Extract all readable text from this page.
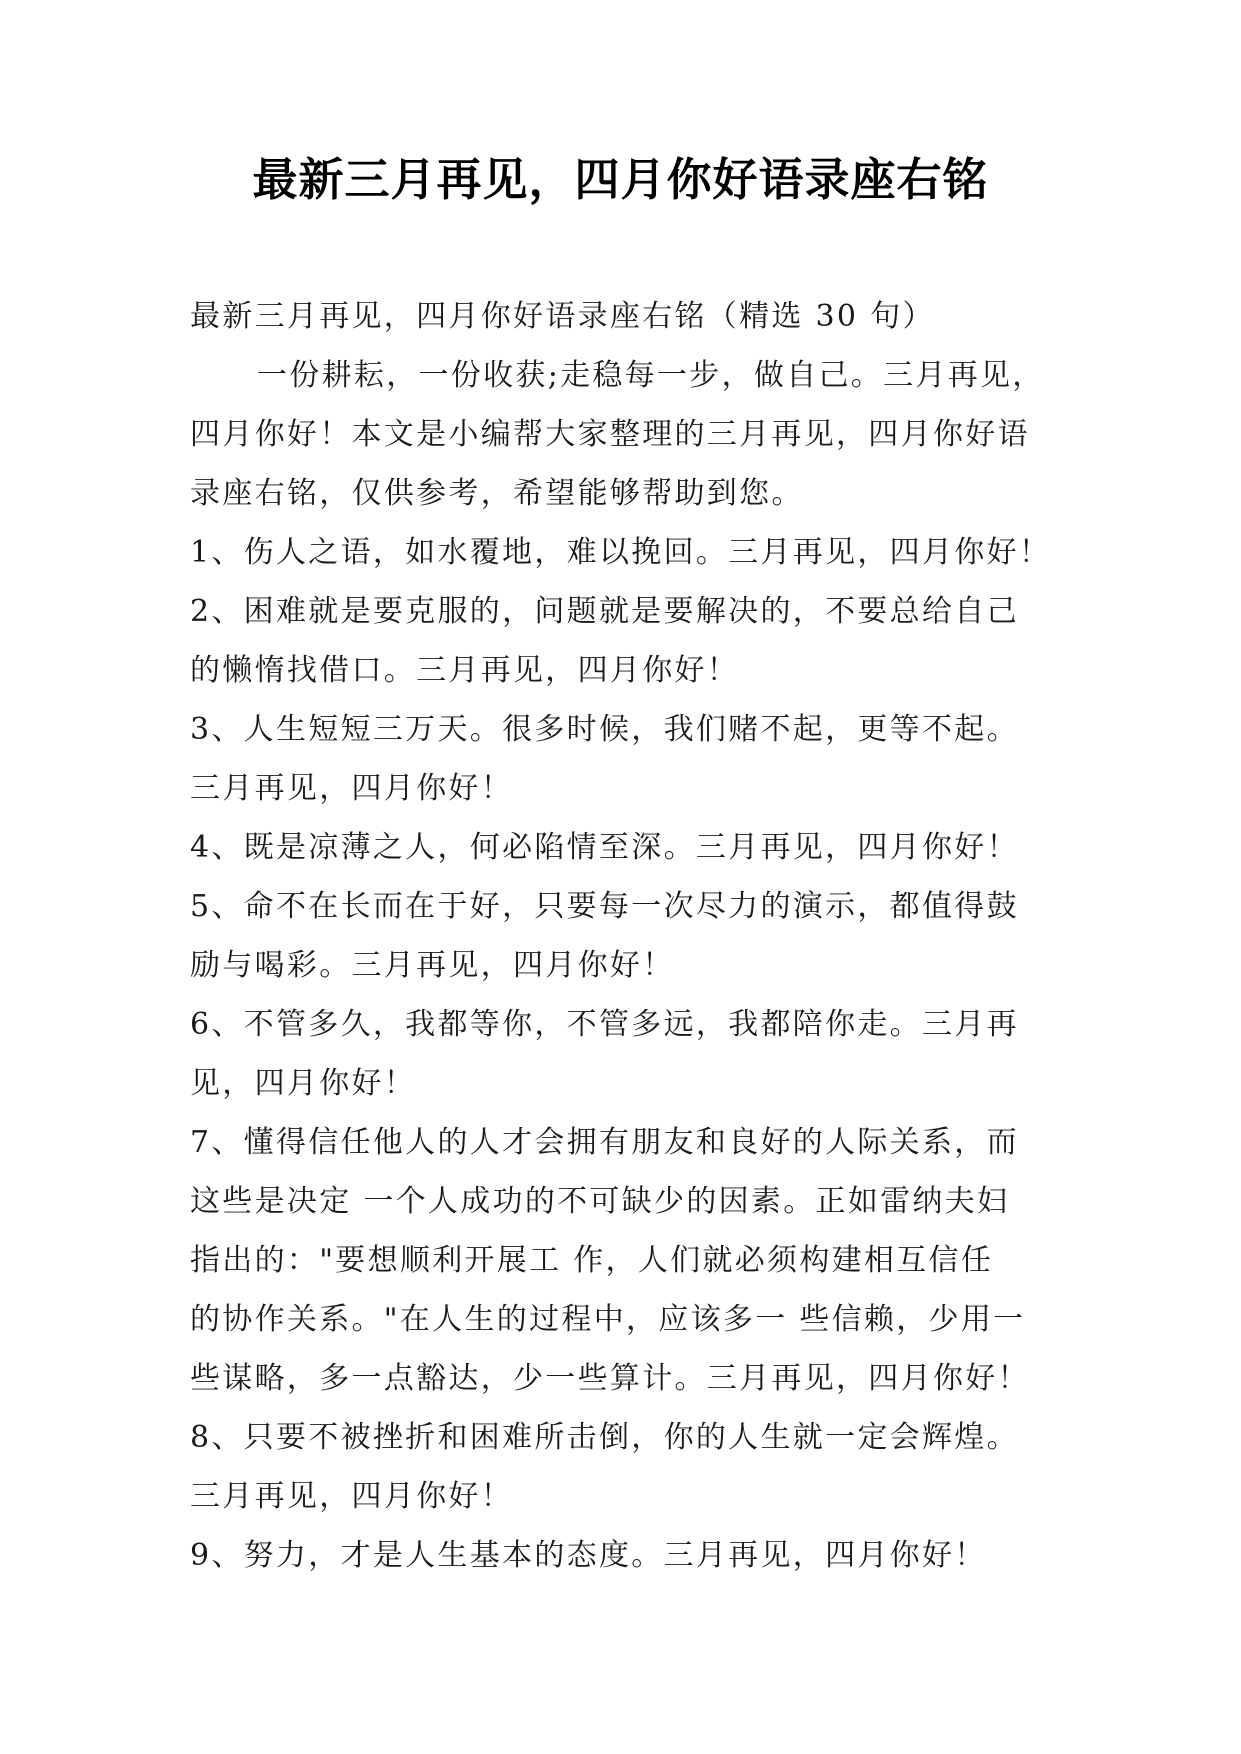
最新三月再见，四月你好语录座右铭
最新三月再见，四月你好语录座右铭（精选 30 句）
一份耕耘，一份收获;走稳每一步，做自己。三月再见，
四月你好！本文是小编帮大家整理的三月再见，四月你好语
录座右铭，仅供参考，希望能够帮助到您。
1、伤人之语，如水覆地，难以挽回。三月再见，四月你好！
2、困难就是要克服的，问题就是要解决的，不要总给自己
的懒惰找借口。三月再见，四月你好！
3、人生短短三万天。很多时候，我们赌不起，更等不起。
三月再见，四月你好！
4、既是凉薄之人，何必陷情至深。三月再见，四月你好！
5、命不在长而在于好，只要每一次尽力的演示，都值得鼓
励与喝彩。三月再见，四月你好！
6、不管多久，我都等你，不管多远，我都陪你走。三月再
见，四月你好！
7、懂得信任他人的人才会拥有朋友和良好的人际关系，而
这些是决定 一个人成功的不可缺少的因素。正如雷纳夫妇
指出的："要想顺利开展工 作，人们就必须构建相互信任
的协作关系。"在人生的过程中，应该多一 些信赖，少用一
些谋略，多一点豁达，少一些算计。三月再见，四月你好！
8、只要不被挫折和困难所击倒，你的人生就一定会辉煌。
三月再见，四月你好！
9、努力，才是人生基本的态度。三月再见，四月你好！
